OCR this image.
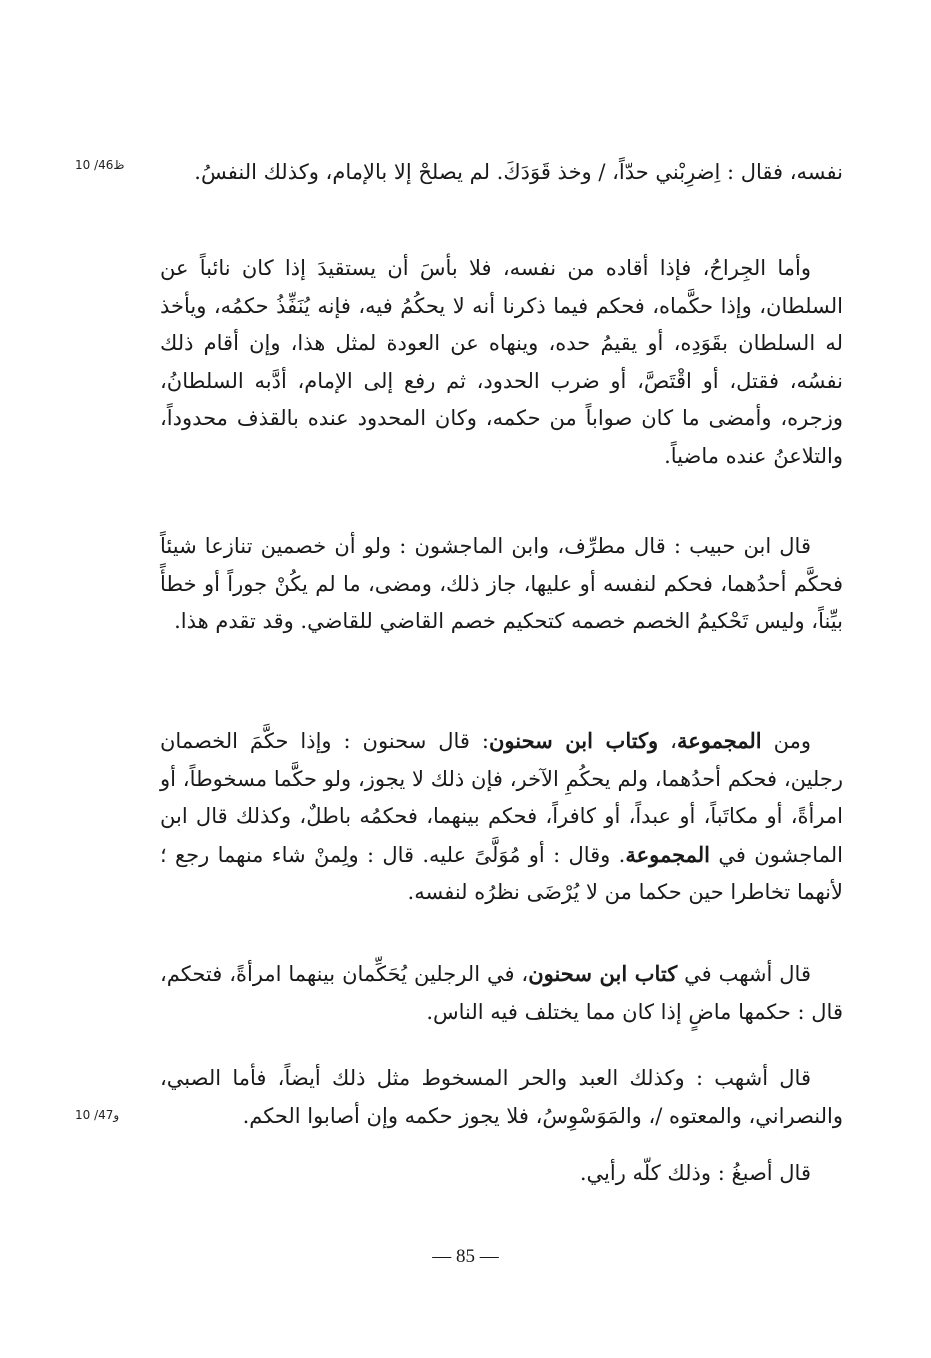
10 /46ظ
10 /47و

نفسه، فقال : اِضرِبْني حدّاً، / وخذ قَوَدَكَ. لم يصلحْ إلا بالإمام، وكذلك النفسُ.

وأما الجِراحُ، فإذا أقاده من نفسه، فلا بأسَ أن يستقيدَ إذا كان نائباً عن السلطان، وإذا حكَّماه، فحكم فيما ذكرنا أنه لا يحكُمُ فيه، فإنه يُنَفِّذُ حكمُه، ويأخذ له السلطان بقَوَدِه، أو يقيمُ حده، وينهاه عن العودة لمثل هذا، وإن أقام ذلك نفسُه، فقتل، أو اقْتَصَّ، أو ضرب الحدود، ثم رفع إلى الإمام، أدَّبه السلطانُ، وزجره، وأمضى ما كان صواباً من حكمه، وكان المحدود عنده بالقذف محدوداً، والتلاعنُ عنده ماضياً.

قال ابن حبيب : قال مطرِّف، وابن الماجشون : ولو أن خصمين تنازعا شيئاً فحكَّم أحدُهما، فحكم لنفسه أو عليها، جاز ذلك، ومضى، ما لم يكُنْ جوراً أو خطأً بيِّناً، وليس تَحْكيمُ الخصم خصمه كتحكيم خصم القاضي للقاضي. وقد تقدم هذا.

ومن المجموعة، وكتاب ابن سحنون: قال سحنون : وإذا حكَّمَ الخصمان رجلين، فحكم أحدُهما، ولم يحكُمِ الآخر، فإن ذلك لا يجوز، ولو حكَّما مسخوطاً، أو امرأةً، أو مكاتَباً، أو عبداً، أو كافراً، فحكم بينهما، فحكمُه باطلٌ، وكذلك قال ابن الماجشون في المجموعة. وقال : أو مُوَلَّىً عليه. قال : ولِمنْ شاء منهما رجع ؛ لأنهما تخاطرا حين حكما من لا يُرْضَى نظرُه لنفسه.

قال أشهب في كتاب ابن سحنون، في الرجلين يُحَكِّمان بينهما امرأةً، فتحكم، قال : حكمها ماضٍ إذا كان مما يختلف فيه الناس.

قال أشهب : وكذلك العبد والحر المسخوط مثل ذلك أيضاً، فأما الصبي، والنصراني، والمعتوه /، والمَوَسْوِسُ، فلا يجوز حكمه وإن أصابوا الحكم.

قال أصبغُ : وذلك كلّه رأيي.

— 85 —
